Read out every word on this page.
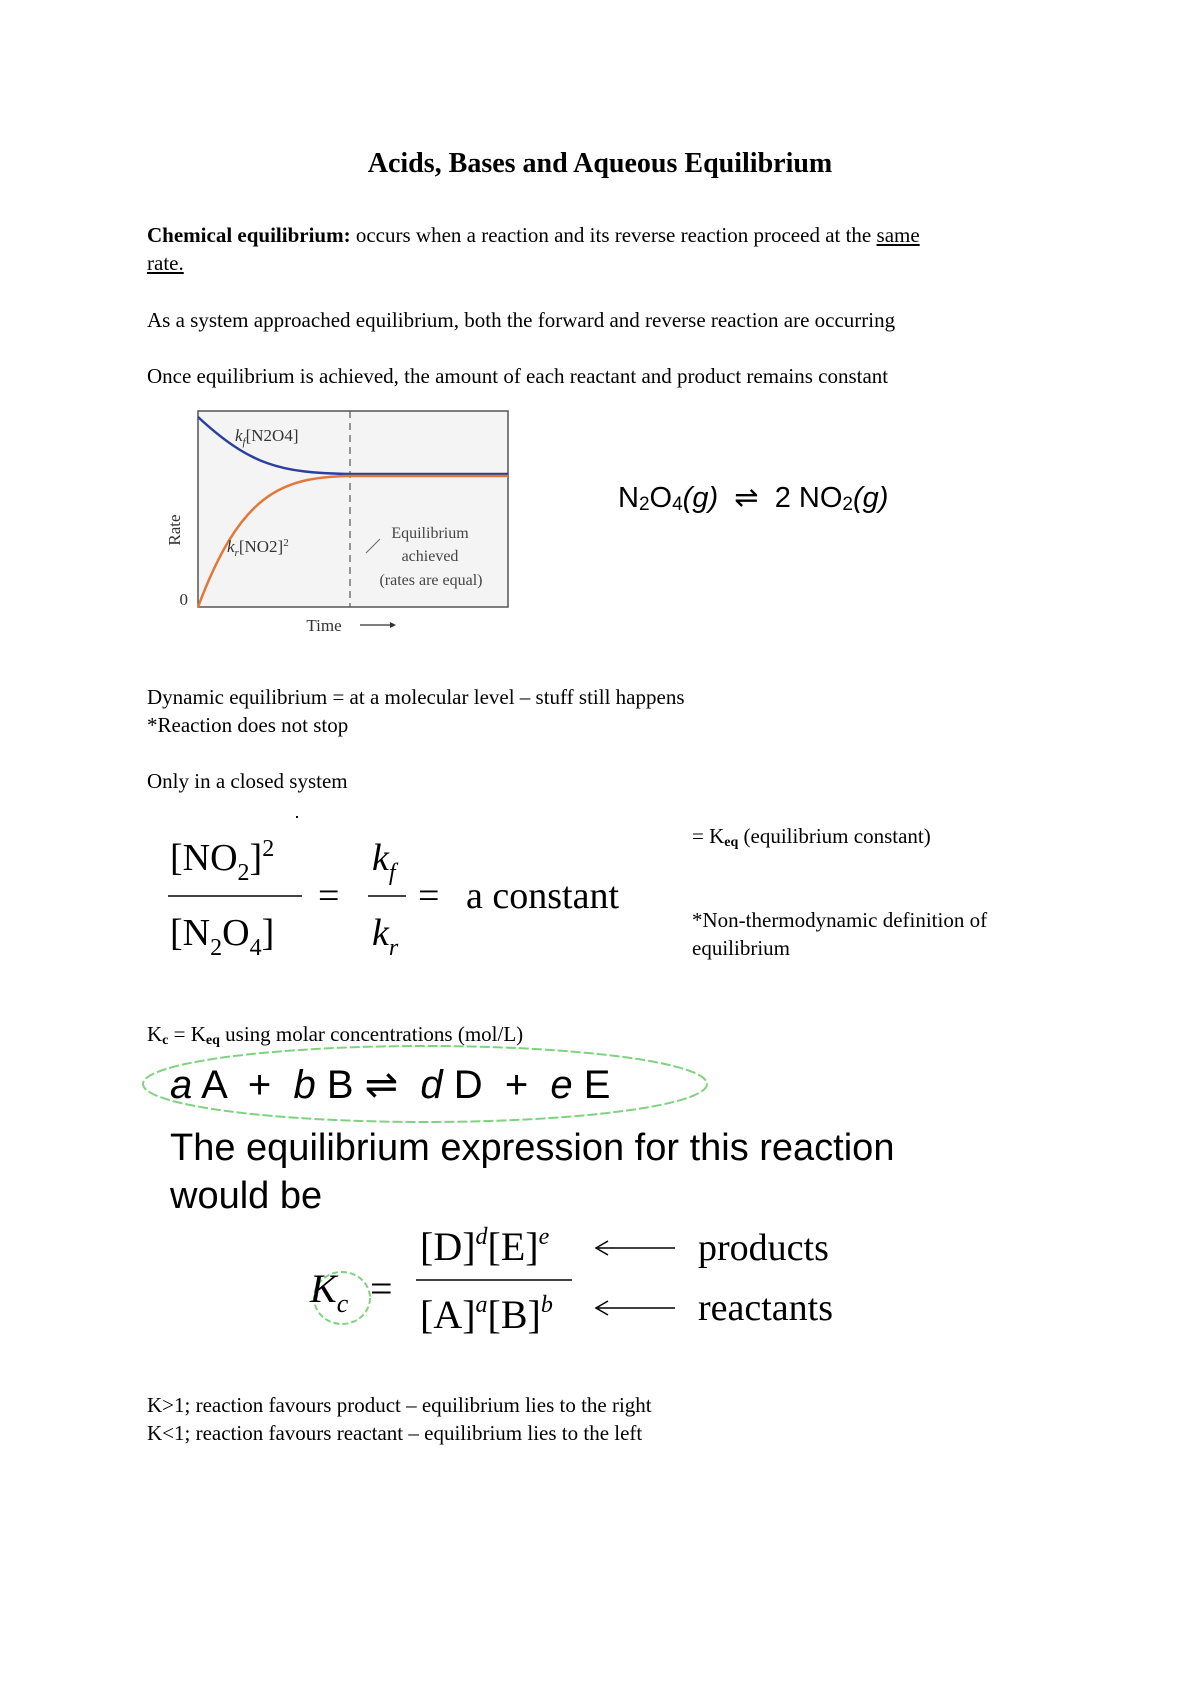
Acids, Bases and Aqueous Equilibrium
Chemical equilibrium: occurs when a reaction and its reverse reaction proceed at the same
rate.
As a system approached equilibrium, both the forward and reverse reaction are occurring
Once equilibrium is achieved, the amount of each reactant and product remains constant
0
Rate
Time
$k_f[N2O4]$
$k_r[NO2]^2$
Equilibrium
achieved
(rates are equal)
$N_2O_4(g)$ ⇌ 2 $NO_2(g)$
Dynamic equilibrium = at a molecular level – stuff still happens
*Reaction does not stop
Only in a closed system
$[NO_2]^2$
$[N_2O_4]$
=
$k_f$
$k_r$
= a constant
= $K_{eq}$ (equilibrium constant)
*Non-thermodynamic definition of
equilibrium
$K_c = K_{eq}$ using molar concentrations (mol/L)
a A  +  b B ⇌  d D  +  e E
The equilibrium expression for this reaction
would be
$K_c$ =
$[D]^d[E]^e$
$[A]^a[B]^b$
products
reactants
K>1; reaction favours product – equilibrium lies to the right
K<1; reaction favours reactant – equilibrium lies to the left
